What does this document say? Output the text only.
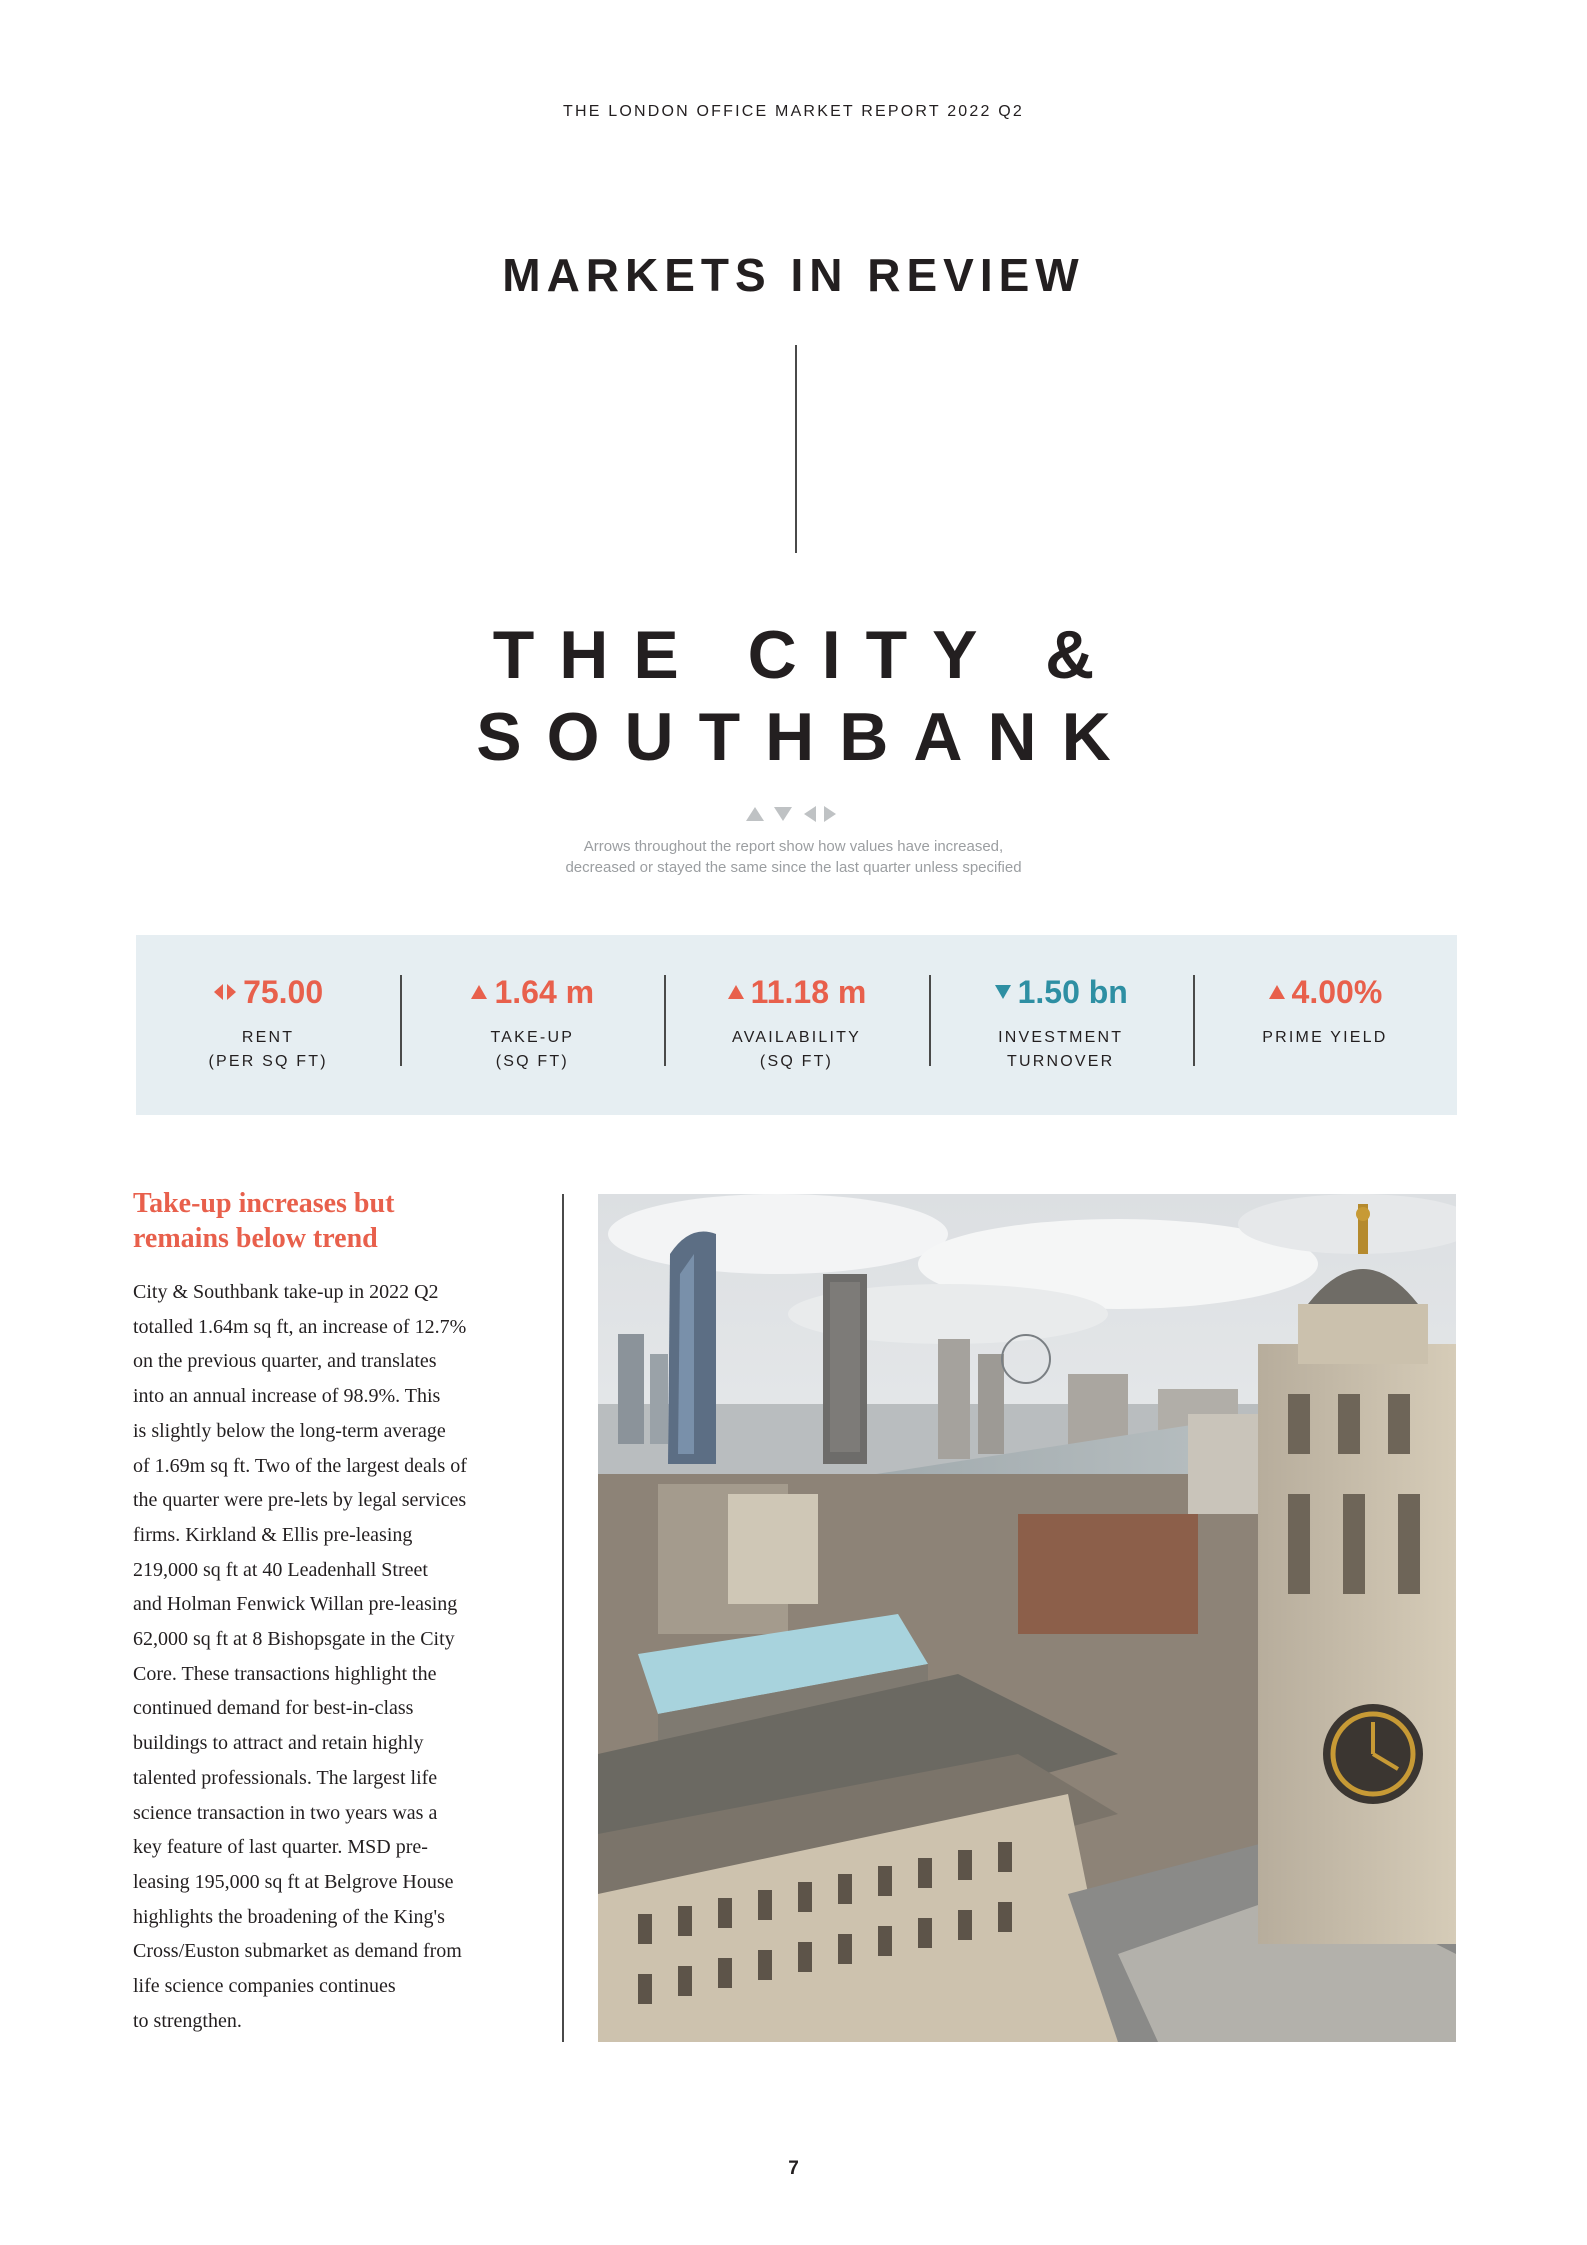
THE LONDON OFFICE MARKET REPORT 2022 Q2
MARKETS IN REVIEW
THE CITY &
SOUTHBANK
Arrows throughout the report show how values have increased,
decreased or stayed the same since the last quarter unless specified
75.00
RENT
(PER SQ FT)
1.64 m
TAKE-UP
(SQ FT)
11.18 m
AVAILABILITY
(SQ FT)
1.50 bn
INVESTMENT
TURNOVER
4.00%
PRIME YIELD
Take-up increases but
remains below trend
City & Southbank take-up in 2022 Q2
totalled 1.64m sq ft, an increase of 12.7%
on the previous quarter, and translates
into an annual increase of 98.9%. This
is slightly below the long-term average
of 1.69m sq ft. Two of the largest deals of
the quarter were pre-lets by legal services
firms. Kirkland & Ellis pre-leasing
219,000 sq ft at 40 Leadenhall Street
and Holman Fenwick Willan pre-leasing
62,000 sq ft at 8 Bishopsgate in the City
Core. These transactions highlight the
continued demand for best-in-class
buildings to attract and retain highly
talented professionals. The largest life
science transaction in two years was a
key feature of last quarter. MSD pre-
leasing 195,000 sq ft at Belgrove House
highlights the broadening of the King's
Cross/Euston submarket as demand from
life science companies continues
to strengthen.
7
